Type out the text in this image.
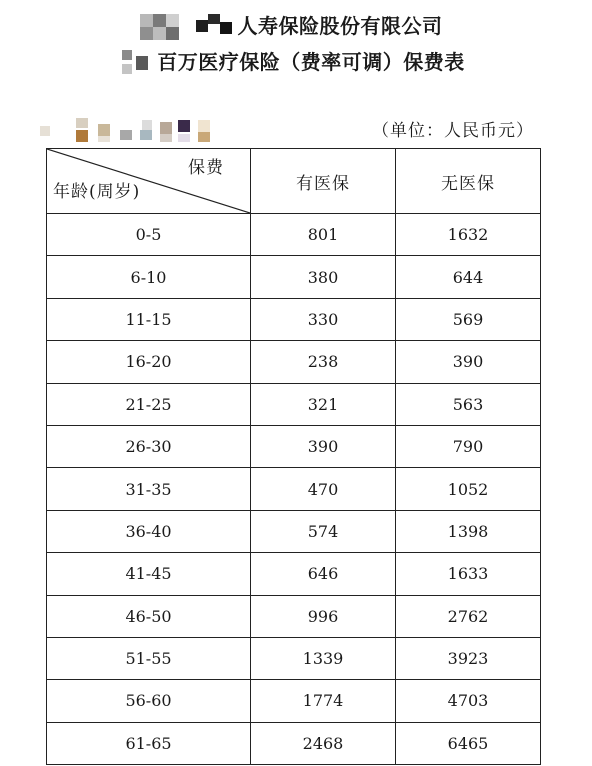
人寿保险股份有限公司
百万医疗保险（费率可调）保费表
（单位：人民币元）
保费
年龄(周岁)	有医保	无医保
0-5	801	1632
6-10	380	644
11-15	330	569
16-20	238	390
21-25	321	563
26-30	390	790
31-35	470	1052
36-40	574	1398
41-45	646	1633
46-50	996	2762
51-55	1339	3923
56-60	1774	4703
61-65	2468	6465
